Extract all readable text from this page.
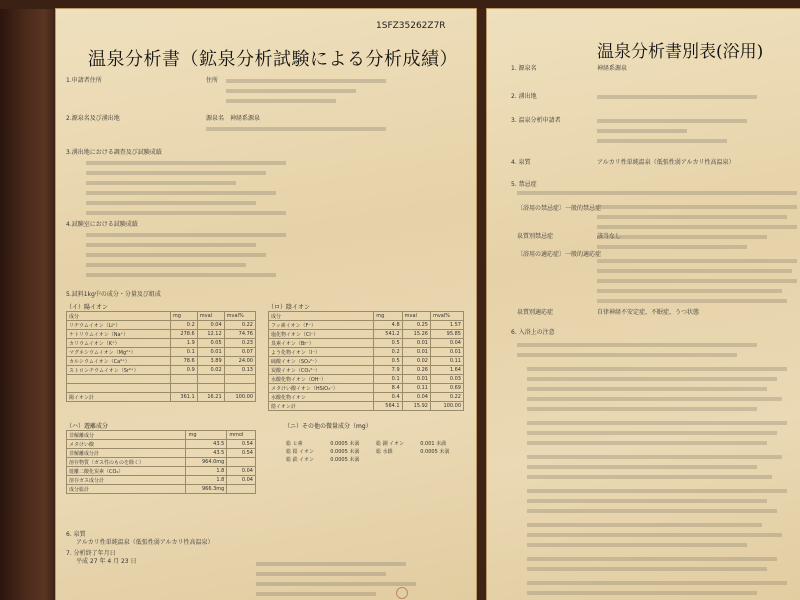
1SFZ35262Z7R
温泉分析書（鉱泉分析試験による分析成績）
1.申請者住所	住所
2.源泉名及び湧出地	源泉名　神経系源泉
3.湧出地における調査及び試験成績
4.試験室における試験成績
5.試料1kg中の成分・分量及び組成
（イ）陽イオン
成分	mg	mval	mval%
リチウムイオン（Li⁺）	0.2	0.04	0.22
ナトリウムイオン（Na⁺）	278.6	12.12	74.76
カリウムイオン（K⁺）	1.9	0.05	0.23
マグネシウムイオン（Mg²⁺）	0.1	0.01	0.07
カルシウムイオン（Ca²⁺）	78.6	3.89	24.00
ストロンチウムイオン（Sr²⁺）	0.9	0.02	0.13

陽イオン計	361.1	16.21	100.00
（ロ）陰イオン
成分	mg	mval	mval%
フッ素イオン（F⁻）	4.8	0.25	1.57
塩化物イオン（Cl⁻）	541.2	15.26	95.85
臭素イオン（Br⁻）	0.5	0.01	0.04
よう化物イオン（I⁻）	0.2	0.01	0.01
硫酸イオン（SO₄²⁻）	0.5	0.02	0.11
炭酸イオン（CO₃²⁻）	7.9	0.26	1.64
水酸化物イオン（OH⁻）	0.1	0.01	0.03
メタけい酸イオン（HSiO₃⁻）	8.4	0.11	0.69
水酸化物イオン	0.4	0.04	0.22
陰イオン計	564.1	15.92	100.00
（ハ）遊離成分
非解離成分	mg	mmol
メタけい酸	43.5	0.54
非解離成分計	43.5	0.54
溶存物質（ガス性のものを除く）	964.0mg	
遊離二酸化炭素（CO₂）	1.8	0.04
溶存ガス成分計	1.8	0.04
成分総計	966.3mg	
（ニ）その他の微量成分（mg）
総 ヒ素	0.0005 未満	総 銅 イオン	0.001 未満
総 鉛 イオン	0.0005 未満	総 水銀	0.0005 未満
総 鉄 イオン	0.0005 未満		
6. 泉質
アルカリ性単純温泉（低張性弱アルカリ性高温泉）
7. 分析終了年月日
平成 27 年 4 月 23 日
温泉分析書別表(浴用)
1. 源泉名	神経系源泉
2. 湧出地
3. 温泉分析申請者
4. 泉質	アルカリ性単純温泉（低張性弱アルカリ性高温泉）
5. 禁忌症
〔浴用の禁忌症〕一般的禁忌症
泉質別禁忌症	該当なし
〔浴用の適応症〕一般的適応症
泉質別適応症	自律神経不安定症、不眠症、うつ状態
6. 入浴上の注意
